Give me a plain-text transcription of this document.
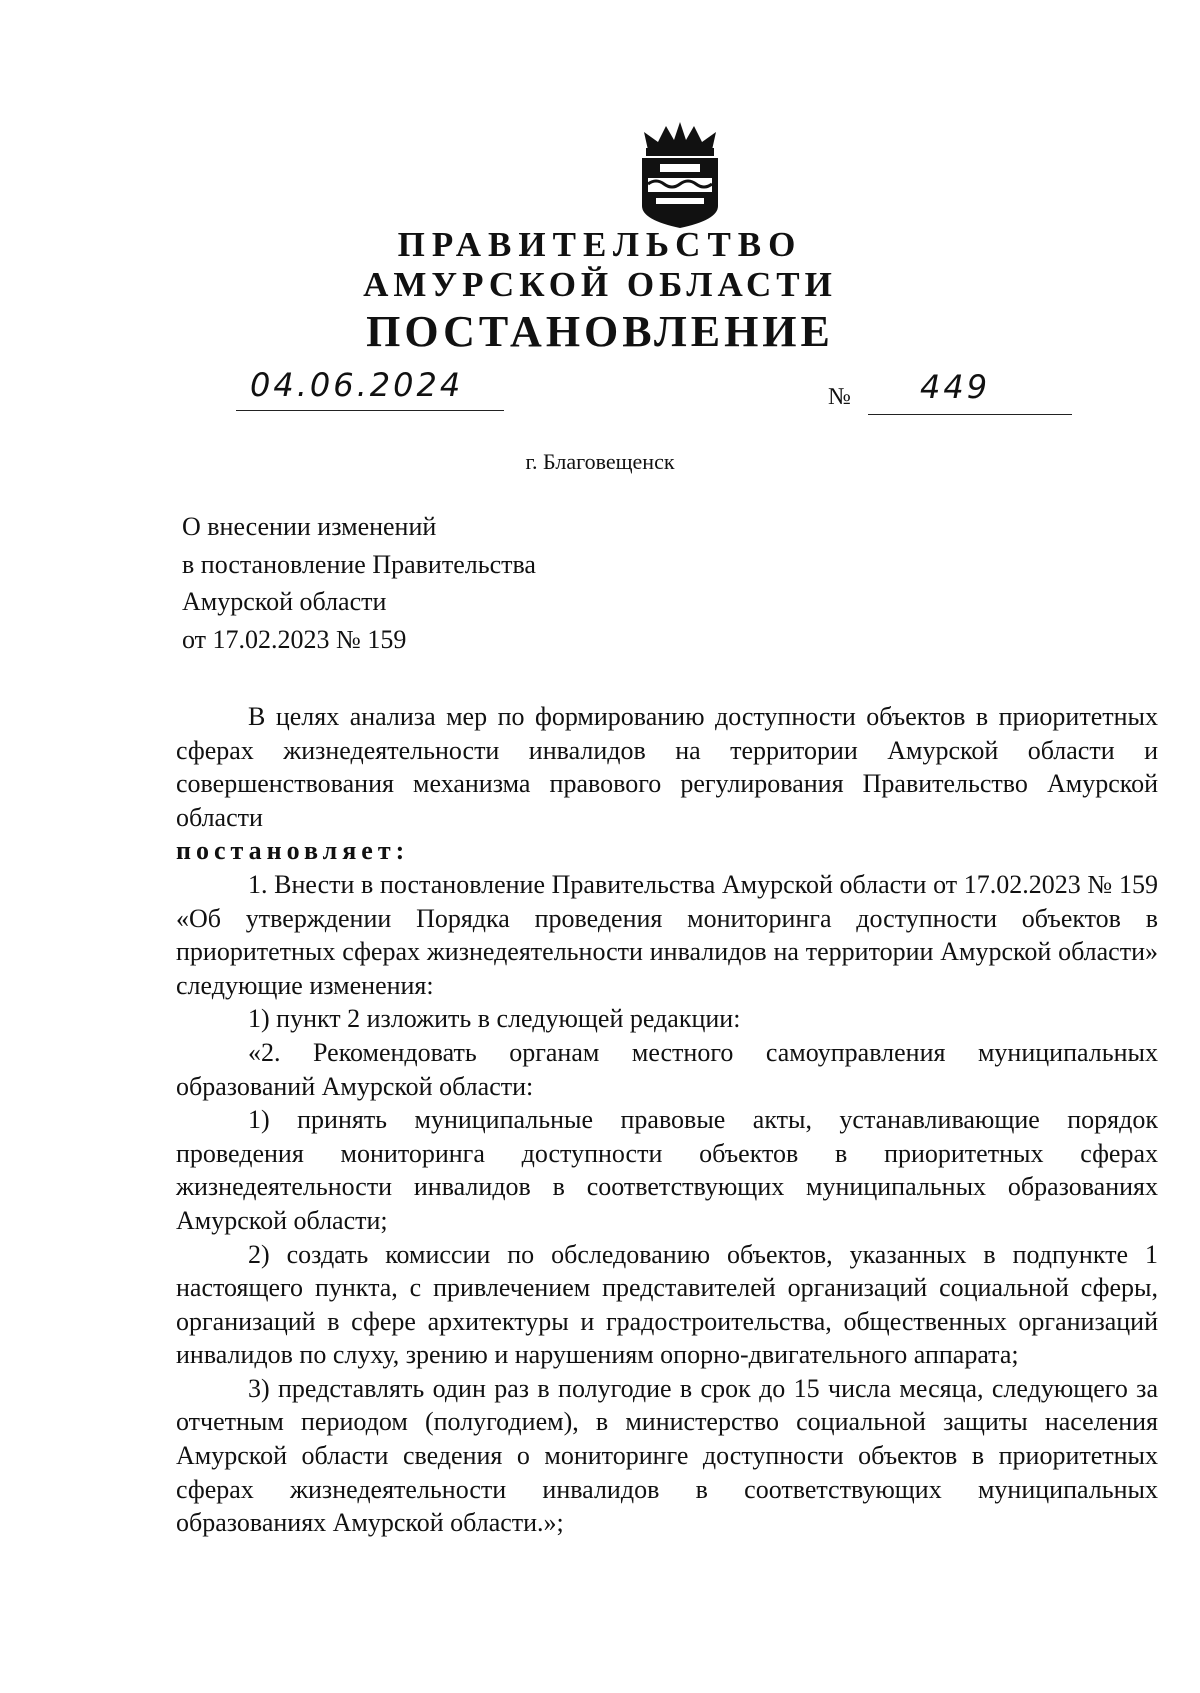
ПРАВИТЕЛЬСТВО
АМУРСКОЙ ОБЛАСТИ
ПОСТАНОВЛЕНИЕ
04.06.2024	№ 449
г. Благовещенск
О внесении изменений
в постановление Правительства
Амурской области
от 17.02.2023 № 159

В целях анализа мер по формированию доступности объектов в приоритетных сферах жизнедеятельности инвалидов на территории Амурской области и совершенствования механизма правового регулирования Правительство Амурской области

постановляет:

1. Внести в постановление Правительства Амурской области от 17.02.2023 № 159 «Об утверждении Порядка проведения мониторинга доступности объектов в приоритетных сферах жизнедеятельности инвалидов на территории Амурской области» следующие изменения:

1) пункт 2 изложить в следующей редакции:

«2. Рекомендовать органам местного самоуправления муниципальных образований Амурской области:

1) принять муниципальные правовые акты, устанавливающие порядок проведения мониторинга доступности объектов в приоритетных сферах жизнедеятельности инвалидов в соответствующих муниципальных образованиях Амурской области;

2) создать комиссии по обследованию объектов, указанных в подпункте 1 настоящего пункта, с привлечением представителей организаций социальной сферы, организаций в сфере архитектуры и градостроительства, общественных организаций инвалидов по слуху, зрению и нарушениям опорно-двигательного аппарата;

3) представлять один раз в полугодие в срок до 15 числа месяца, следующего за отчетным периодом (полугодием), в министерство социальной защиты населения Амурской области сведения о мониторинге доступности объектов в приоритетных сферах жизнедеятельности инвалидов в соответствующих муниципальных образованиях Амурской области.»;
